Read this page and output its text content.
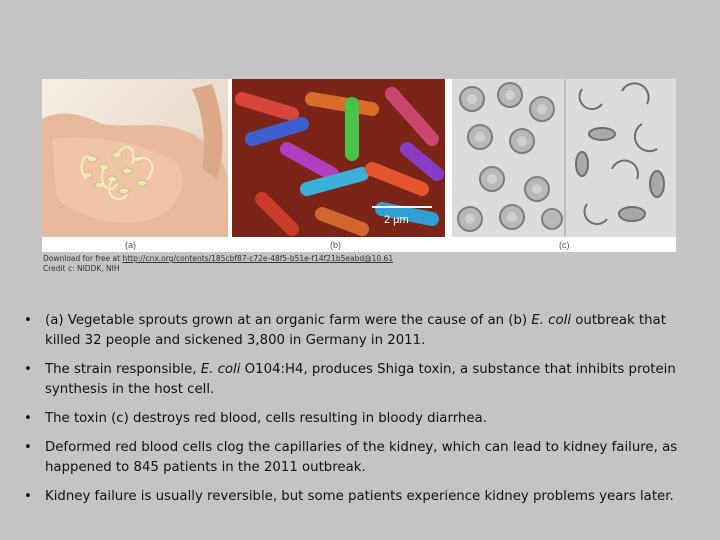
2 μm
(a)	(b)	(c)
Download for free at http://cnx.org/contents/185cbf87-c72e-48f5-b51e-f14f21b5eabd@10.61
Credit c: NIDDK, NIH
• (a) Vegetable sprouts grown at an organic farm were the cause of an (b) E. coli outbreak that killed 32 people and sickened 3,800 in Germany in 2011.
• The strain responsible, E. coli O104:H4, produces Shiga toxin, a substance that inhibits protein synthesis in the host cell.
• The toxin (c) destroys red blood, cells resulting in bloody diarrhea.
• Deformed red blood cells clog the capillaries of the kidney, which can lead to kidney failure, as happened to 845 patients in the 2011 outbreak.
• Kidney failure is usually reversible, but some patients experience kidney problems years later.
